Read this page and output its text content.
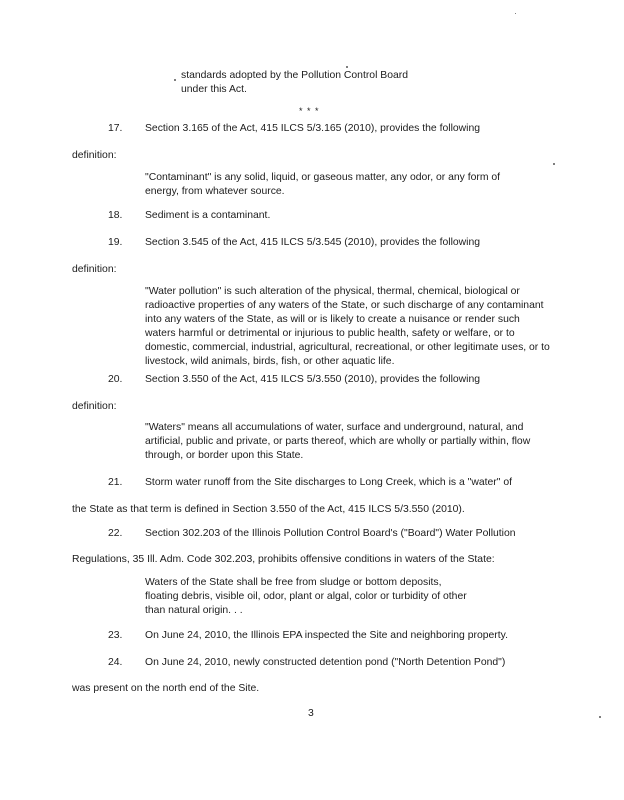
standards adopted by the Pollution Control Board
under this Act.
* * *
17. Section 3.165 of the Act, 415 ILCS 5/3.165 (2010), provides the following
definition:
"Contaminant" is any solid, liquid, or gaseous matter, any odor, or any form of energy, from whatever source.
18. Sediment is a contaminant.
19. Section 3.545 of the Act, 415 ILCS 5/3.545 (2010), provides the following
definition:
"Water pollution" is such alteration of the physical, thermal, chemical, biological or radioactive properties of any waters of the State, or such discharge of any contaminant into any waters of the State, as will or is likely to create a nuisance or render such waters harmful or detrimental or injurious to public health, safety or welfare, or to domestic, commercial, industrial, agricultural, recreational, or other legitimate uses, or to livestock, wild animals, birds, fish, or other aquatic life.
20. Section 3.550 of the Act, 415 ILCS 5/3.550 (2010), provides the following
definition:
"Waters" means all accumulations of water, surface and underground, natural, and artificial, public and private, or parts thereof, which are wholly or partially within, flow through, or border upon this State.
21. Storm water runoff from the Site discharges to Long Creek, which is a "water" of
the State as that term is defined in Section 3.550 of the Act, 415 ILCS 5/3.550 (2010).
22. Section 302.203 of the Illinois Pollution Control Board's ("Board") Water Pollution
Regulations, 35 Ill. Adm. Code 302.203, prohibits offensive conditions in waters of the State:
Waters of the State shall be free from sludge or bottom deposits, floating debris, visible oil, odor, plant or algal, color or turbidity of other than natural origin. . .
23. On June 24, 2010, the Illinois EPA inspected the Site and neighboring property.
24. On June 24, 2010, newly constructed detention pond ("North Detention Pond")
was present on the north end of the Site.
3
